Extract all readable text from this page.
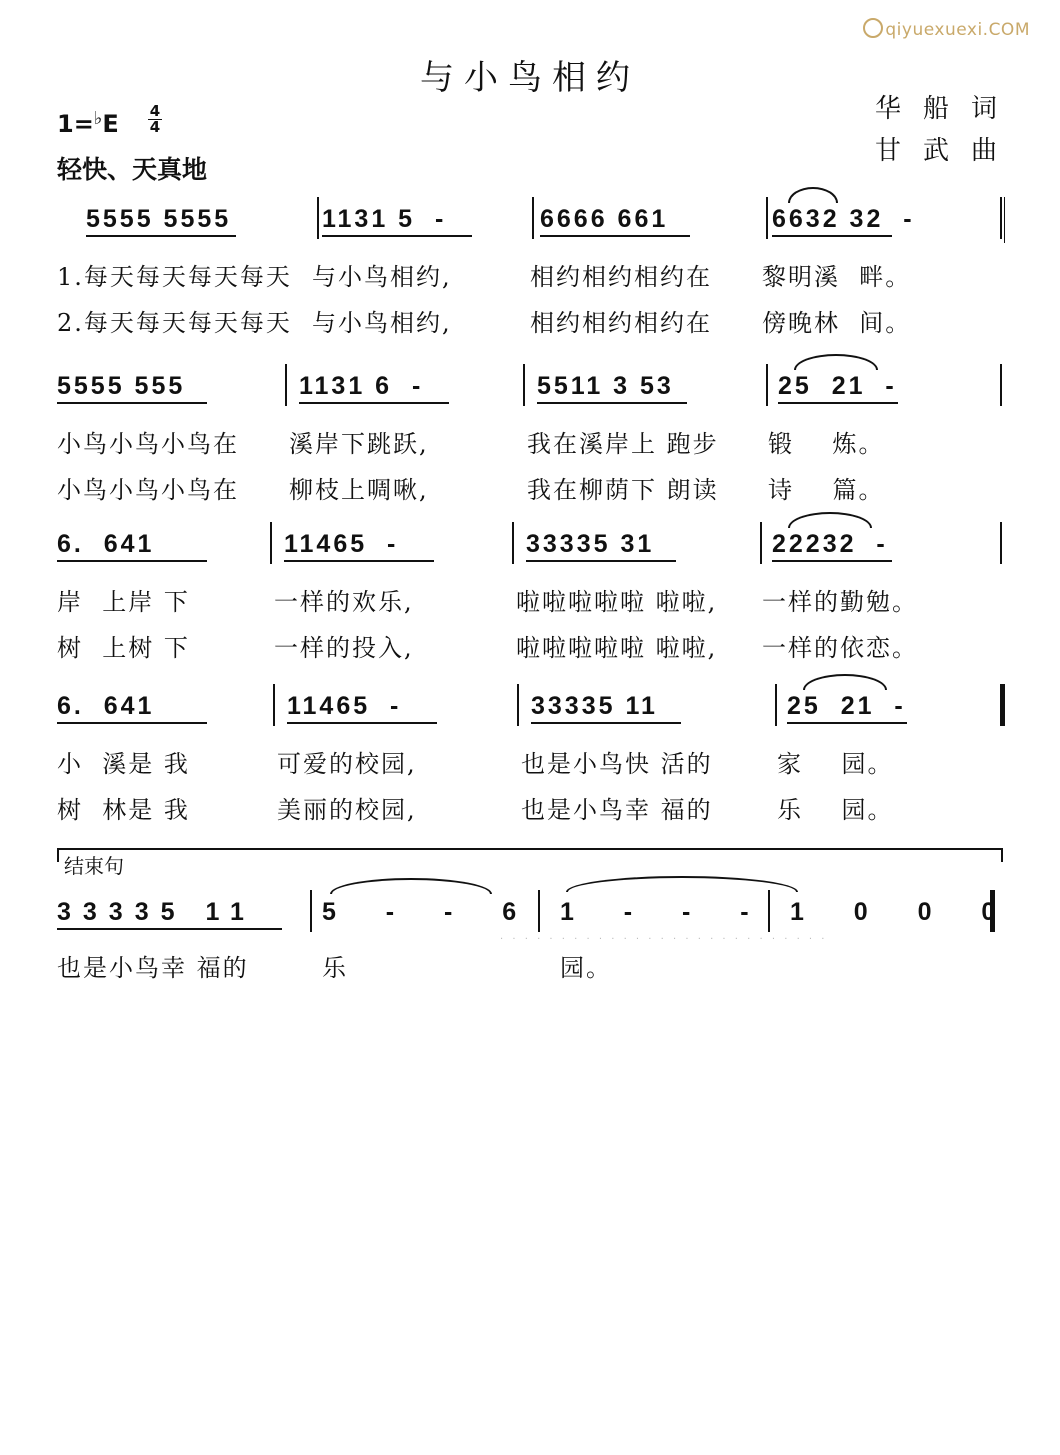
qiyuexuexi.COM
与小鸟相约
华船词
甘武曲
1=♭E 4
4
轻快、天真地
5555 5555
1.每天每天每天每天
2.每天每天每天每天
1131 5  -
与小鸟相约,
与小鸟相约,
6666 661
相约相约相约在
相约相约相约在
6632 32  -
黎明溪  畔。
傍晚林  间。
5555 555
小鸟小鸟小鸟在
小鸟小鸟小鸟在
1131 6  -
溪岸下跳跃,
柳枝上啁啾,
5511 3 53
我在溪岸上 跑步
我在柳荫下 朗读
25  21  -
锻    炼。
诗    篇。
6.  641
岸  上岸 下
树  上树 下
11465  -
一样的欢乐,
一样的投入,
33335 31
啦啦啦啦啦 啦啦,
啦啦啦啦啦 啦啦,
22232  -
一样的勤勉。
一样的依恋。
6.  641
小  溪是 我
树  林是 我
11465  -
可爱的校园,
美丽的校园,
33335 11
也是小鸟快 活的
也是小鸟幸 福的
25  21  -
家    园。
乐    园。
33335 11
也是小鸟幸 福的
5  -  -  6
乐
1  -  -  -
园。
1  0  0  0
结束句
· · · · · · · · · · · · · · · · · · · · · · · · · · ·
